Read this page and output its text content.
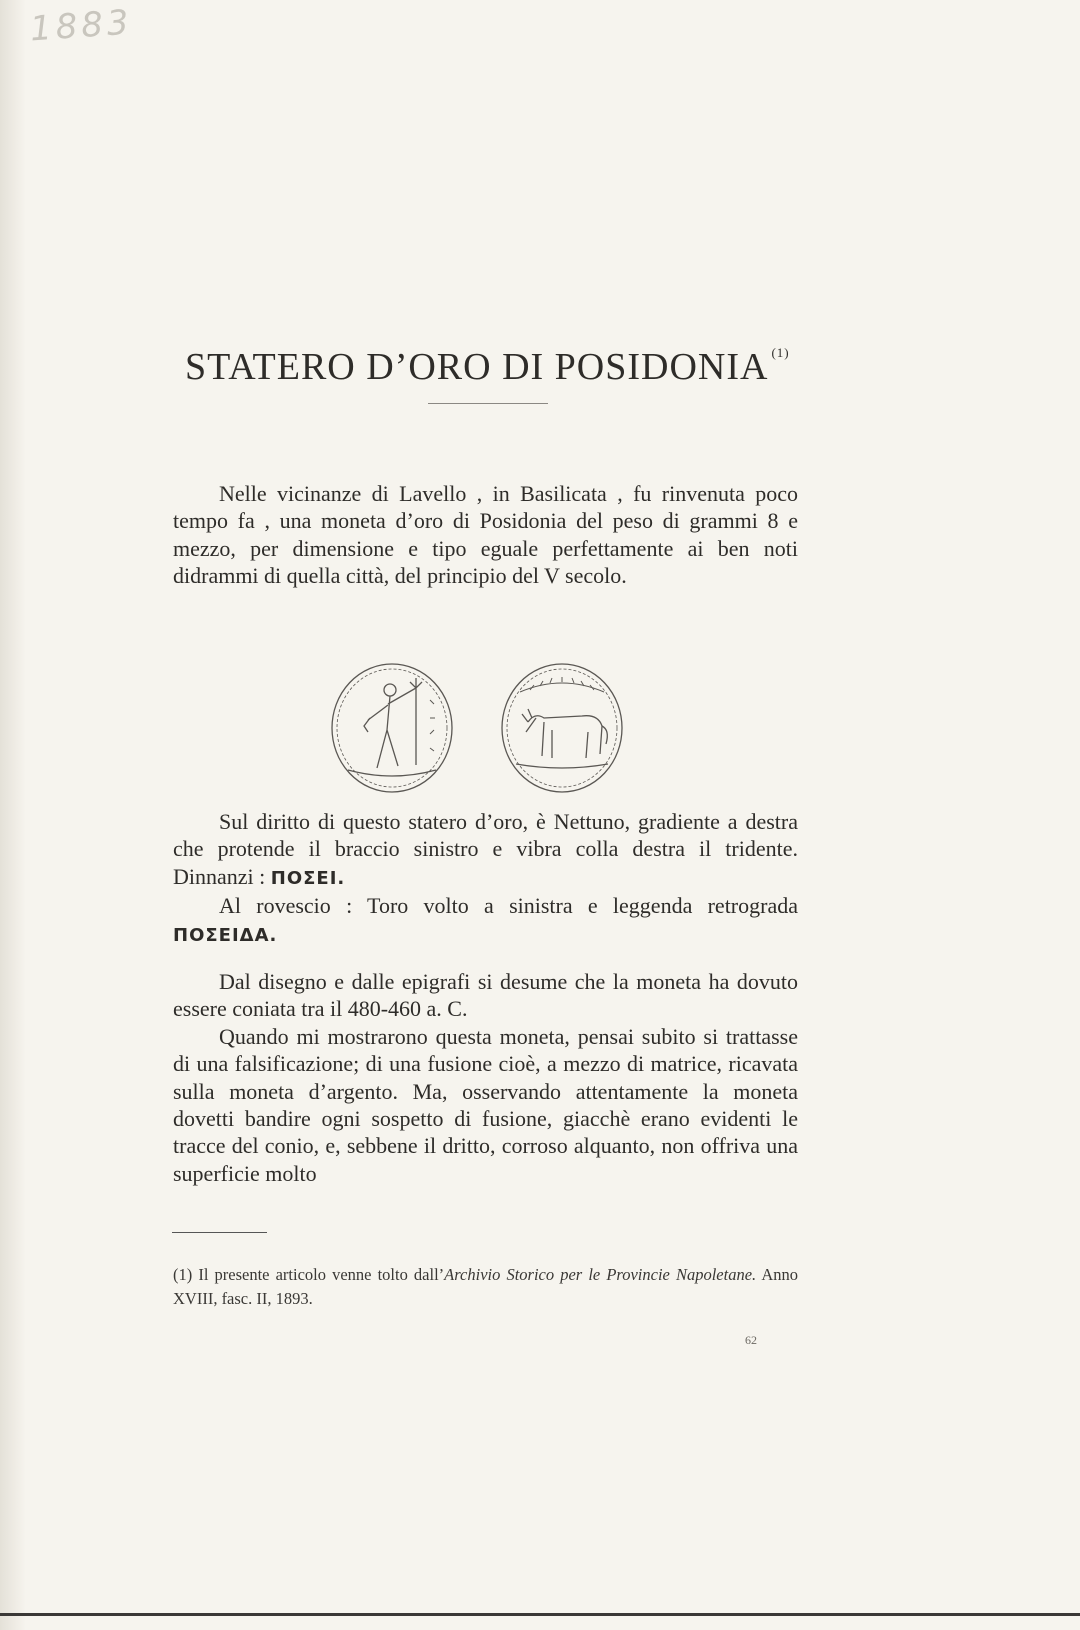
1883
STATERO D’ORO DI POSIDONIA $^{(1)}$

Nelle vicinanze di Lavello , in Basilicata , fu rinvenuta poco tempo fa , una moneta d’oro di Posidonia del peso di grammi 8 e mezzo, per dimensione e tipo eguale perfettamente ai ben noti didrammi di quella città, del principio del V secolo.

Sul diritto di questo statero d’oro, è Nettuno, gradiente a destra che protende il braccio sinistro e vibra colla destra il tridente. Dinnanzi : ΠΟΣΕΙ.

Al rovescio : Toro volto a sinistra e leggenda retrograda ΠΟΣΕΙΔΑ.

Dal disegno e dalle epigrafi si desume che la moneta ha dovuto essere coniata tra il 480-460 a. C.

Quando mi mostrarono questa moneta, pensai subito si trattasse di una falsificazione; di una fusione cioè, a mezzo di matrice, ricavata sulla moneta d’argento. Ma, osservando attentamente la moneta dovetti bandire ogni sospetto di fusione, giacchè erano evidenti le tracce del conio, e, sebbene il dritto, corroso alquanto, non offriva una superficie molto

(1) Il presente articolo venne tolto dall’Archivio Storico per le Provincie Napoletane. Anno XVIII, fasc. II, 1893.
62
